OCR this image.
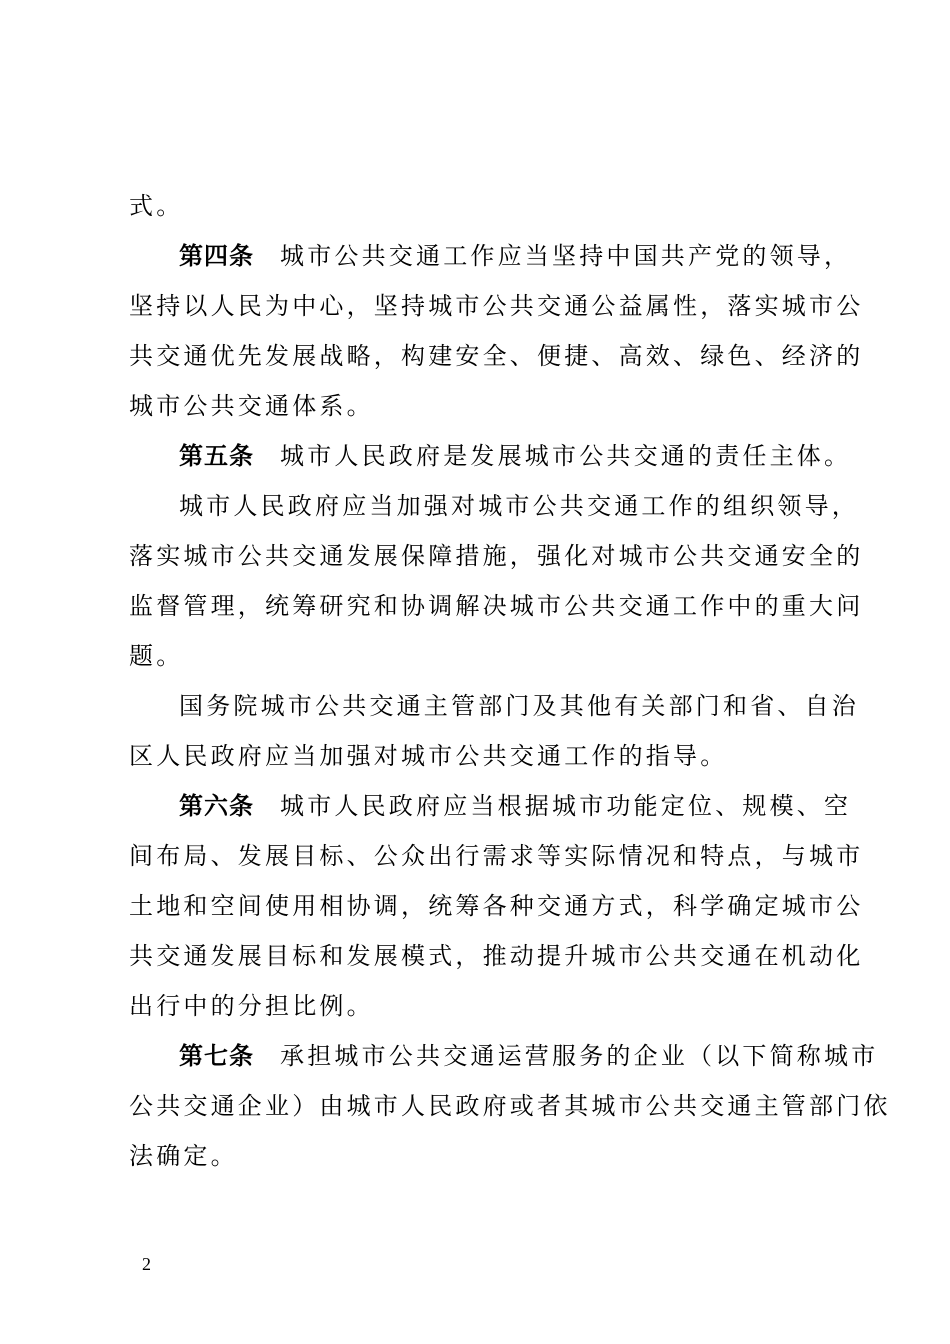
式。
第四条 城市公共交通工作应当坚持中国共产党的领导，
坚持以人民为中心，坚持城市公共交通公益属性，落实城市公
共交通优先发展战略，构建安全、便捷、高效、绿色、经济的
城市公共交通体系。
第五条 城市人民政府是发展城市公共交通的责任主体。
城市人民政府应当加强对城市公共交通工作的组织领导，
落实城市公共交通发展保障措施，强化对城市公共交通安全的
监督管理，统筹研究和协调解决城市公共交通工作中的重大问
题。
国务院城市公共交通主管部门及其他有关部门和省、自治
区人民政府应当加强对城市公共交通工作的指导。
第六条 城市人民政府应当根据城市功能定位、规模、空
间布局、发展目标、公众出行需求等实际情况和特点，与城市
土地和空间使用相协调，统筹各种交通方式，科学确定城市公
共交通发展目标和发展模式，推动提升城市公共交通在机动化
出行中的分担比例。
第七条 承担城市公共交通运营服务的企业（以下简称城市
公共交通企业）由城市人民政府或者其城市公共交通主管部门依
法确定。
2
